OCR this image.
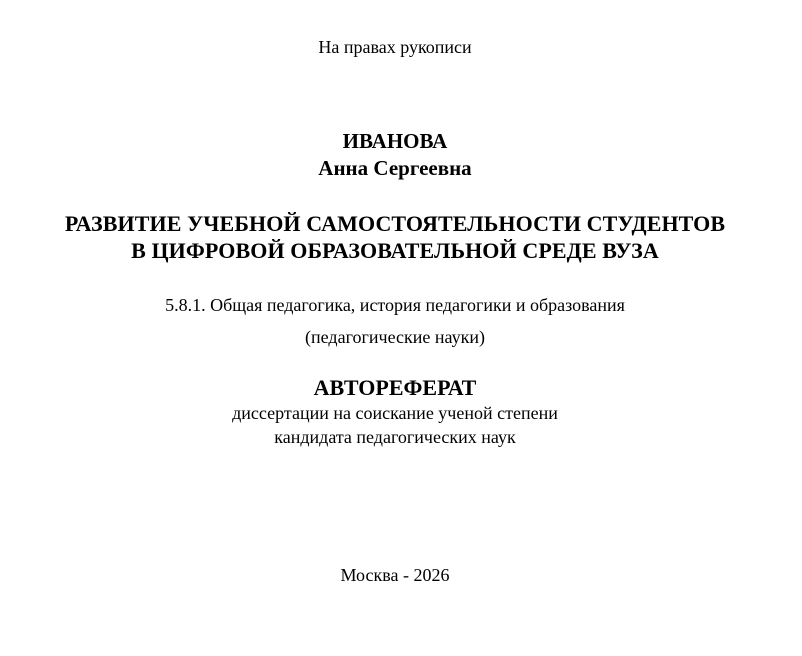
На правах рукописи
ИВАНОВА
Анна Сергеевна
РАЗВИТИЕ УЧЕБНОЙ САМОСТОЯТЕЛЬНОСТИ СТУДЕНТОВ
В ЦИФРОВОЙ ОБРАЗОВАТЕЛЬНОЙ СРЕДЕ ВУЗА
5.8.1. Общая педагогика, история педагогики и образования
(педагогические науки)
АВТОРЕФЕРАТ
диссертации на соискание ученой степени
кандидата педагогических наук
Москва - 2026
